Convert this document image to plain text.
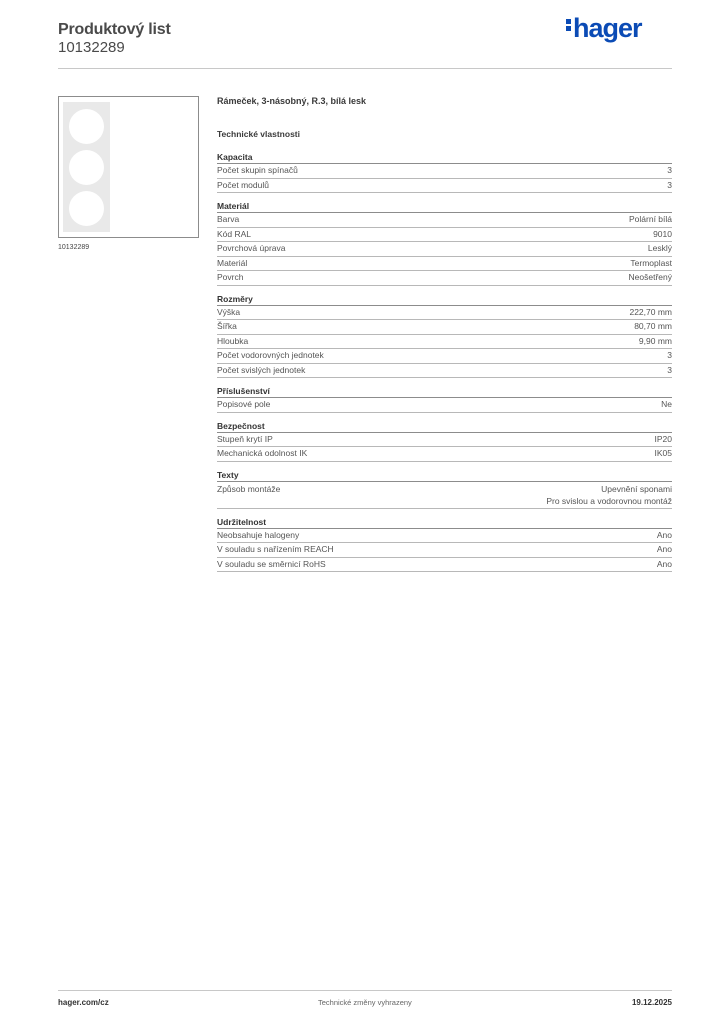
Produktový list
10132289
hager
10132289
Rámeček, 3-násobný, R.3, bílá lesk
Technické vlastnosti
Kapacita
Počet skupin spínačů	3
Počet modulů	3
Materiál
Barva	Polární bílá
Kód RAL	9010
Povrchová úprava	Lesklý
Materiál	Termoplast
Povrch	Neošetřený
Rozměry
Výška	222,70 mm
Šířka	80,70 mm
Hloubka	9,90 mm
Počet vodorovných jednotek	3
Počet svislých jednotek	3
Příslušenství
Popisové pole	Ne
Bezpečnost
Stupeň krytí IP	IP20
Mechanická odolnost IK	IK05
Texty
Způsob montáže	Upevnění sponami
Pro svislou a vodorovnou montáž
Udržitelnost
Neobsahuje halogeny	Ano
V souladu s nařízením REACH	Ano
V souladu se směrnicí RoHS	Ano
hager.com/cz	Technické změny vyhrazeny	19.12.2025
